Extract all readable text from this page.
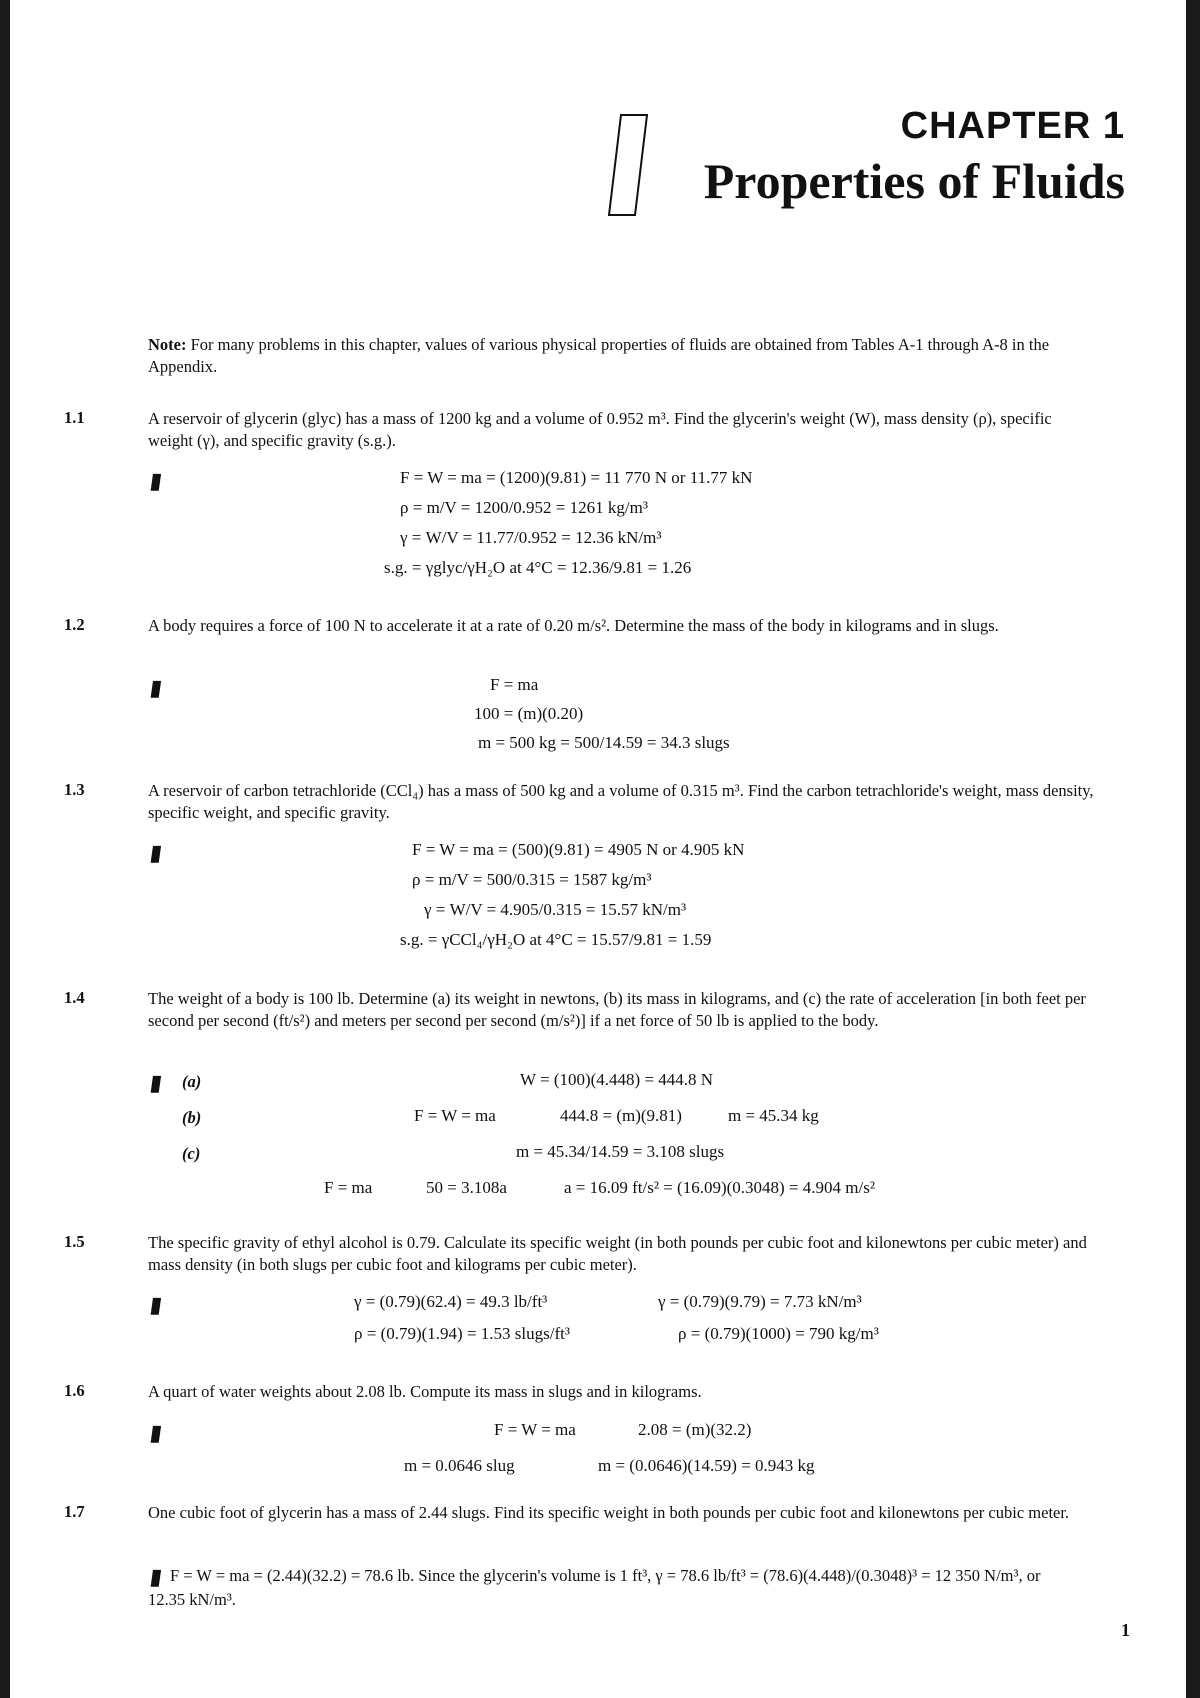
CHAPTER 1
Properties of Fluids
Note: For many problems in this chapter, values of various physical properties of fluids are obtained from Tables A-1 through A-8 in the Appendix.
1.1	A reservoir of glycerin (glyc) has a mass of 1200 kg and a volume of 0.952 m³. Find the glycerin's weight (W), mass density (ρ), specific weight (γ), and specific gravity (s.g.).
▮	F = W = ma = (1200)(9.81) = 11 770 N or 11.77 kN
ρ = m/V = 1200/0.952 = 1261 kg/m³
γ = W/V = 11.77/0.952 = 12.36 kN/m³
s.g. = γglyc/γH₂O at 4°C = 12.36/9.81 = 1.26
1.2	A body requires a force of 100 N to accelerate it at a rate of 0.20 m/s². Determine the mass of the body in kilograms and in slugs.
▮	F = ma
100 = (m)(0.20)
m = 500 kg = 500/14.59 = 34.3 slugs
1.3	A reservoir of carbon tetrachloride (CCl₄) has a mass of 500 kg and a volume of 0.315 m³. Find the carbon tetrachloride's weight, mass density, specific weight, and specific gravity.
▮	F = W = ma = (500)(9.81) = 4905 N or 4.905 kN
ρ = m/V = 500/0.315 = 1587 kg/m³
γ = W/V = 4.905/0.315 = 15.57 kN/m³
s.g. = γCCl₄/γH₂O at 4°C = 15.57/9.81 = 1.59
1.4	The weight of a body is 100 lb. Determine (a) its weight in newtons, (b) its mass in kilograms, and (c) the rate of acceleration [in both feet per second per second (ft/s²) and meters per second per second (m/s²)] if a net force of 50 lb is applied to the body.
▮ (a)	W = (100)(4.448) = 444.8 N
(b)	F = W = ma	444.8 = (m)(9.81)	m = 45.34 kg
(c)	m = 45.34/14.59 = 3.108 slugs
F = ma	50 = 3.108a	a = 16.09 ft/s² = (16.09)(0.3048) = 4.904 m/s²
1.5	The specific gravity of ethyl alcohol is 0.79. Calculate its specific weight (in both pounds per cubic foot and kilonewtons per cubic meter) and mass density (in both slugs per cubic foot and kilograms per cubic meter).
▮	γ = (0.79)(62.4) = 49.3 lb/ft³	γ = (0.79)(9.79) = 7.73 kN/m³
ρ = (0.79)(1.94) = 1.53 slugs/ft³	ρ = (0.79)(1000) = 790 kg/m³
1.6	A quart of water weights about 2.08 lb. Compute its mass in slugs and in kilograms.
▮	F = W = ma	2.08 = (m)(32.2)
m = 0.0646 slug	m = (0.0646)(14.59) = 0.943 kg
1.7	One cubic foot of glycerin has a mass of 2.44 slugs. Find its specific weight in both pounds per cubic foot and kilonewtons per cubic meter.
▮ F = W = ma = (2.44)(32.2) = 78.6 lb. Since the glycerin's volume is 1 ft³, γ = 78.6 lb/ft³ = (78.6)(4.448)/(0.3048)³ = 12 350 N/m³, or 12.35 kN/m³.
1
